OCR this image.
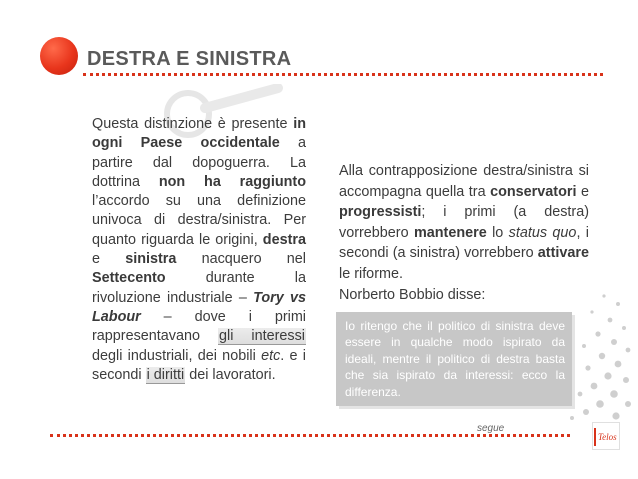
DESTRA E SINISTRA

Questa distinzione è presente in ogni Paese occidentale a partire dal dopoguerra. La dottrina non ha raggiunto l’accordo su una definizione univoca di destra/sinistra. Per quanto riguarda le origini, destra e sinistra nacquero nel Settecento durante la rivoluzione industriale – Tory vs Labour – dove i primi rappresentavano gli interessi degli industriali, dei nobili etc. e i secondi i diritti dei lavoratori.

Alla contrapposizione destra/sinistra si accompagna quella tra conservatori e progressisti; i primi (a destra) vorrebbero mantenere lo status quo, i secondi (a sinistra) vorrebbero attivare le riforme.

Norberto Bobbio disse:
Io ritengo che il politico di sinistra deve essere in qualche modo ispirato da ideali, mentre il politico di destra basta che sia ispirato da interessi: ecco la differenza.
segue
Telos
